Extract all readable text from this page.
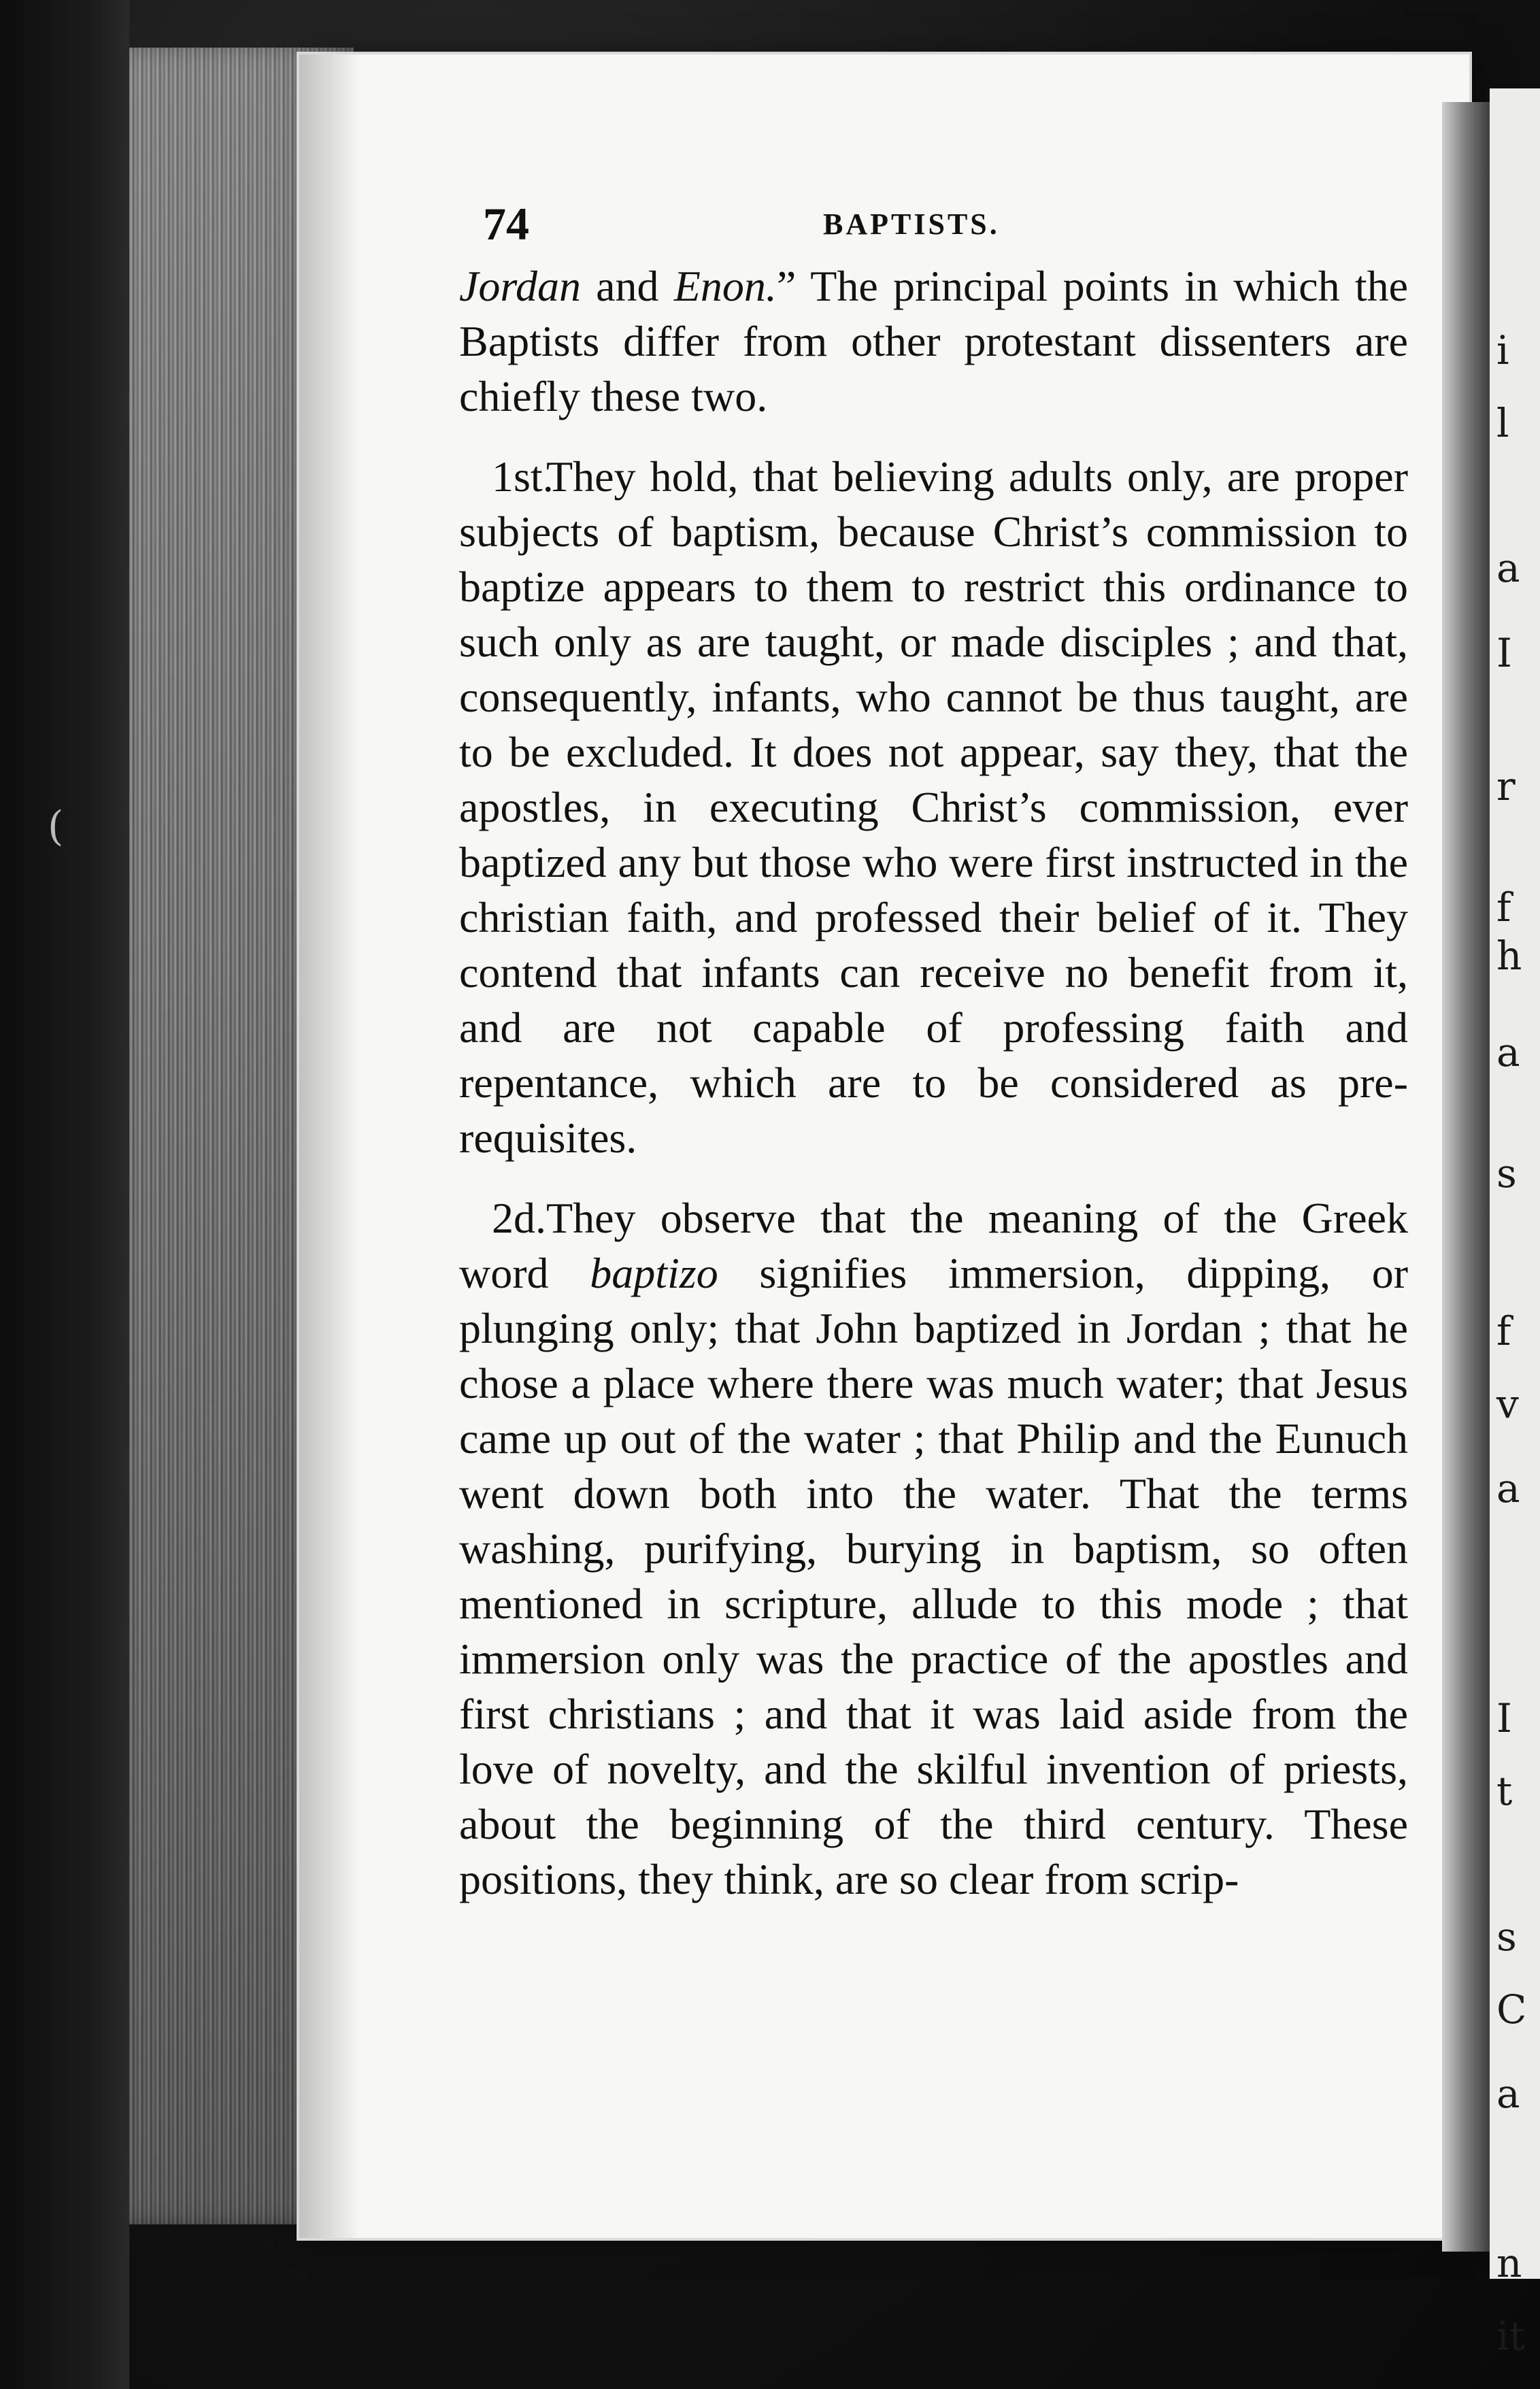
74	BAPTISTS.

Jordan and Enon.” The principal points in which the Baptists differ from other protestant dissenters are chiefly these two.

1st.They hold, that believing adults only, are proper subjects of baptism, because Christ’s commission to baptize appears to them to restrict this ordinance to such only as are taught, or made disciples ; and that, consequently, infants, who cannot be thus taught, are to be excluded. It does not appear, say they, that the apostles, in executing Christ’s commission, ever baptized any but those who were first instructed in the christian faith, and professed their belief of it. They contend that infants can receive no benefit from it, and are not capable of professing faith and repentance, which are to be considered as pre-requisites.

2d.They observe that the meaning of the Greek word baptizo signifies immersion, dipping, or plunging only; that John baptized in Jordan ; that he chose a place where there was much water; that Jesus came up out of the water ; that Philip and the Eunuch went down both into the water. That the terms washing, purifying, burying in baptism, so often mentioned in scripture, allude to this mode ; that immersion only was the practice of the apostles and first christians ; and that it was laid aside from the love of novelty, and the skilful invention of priests, about the beginning of the third century. These positions, they think, are so clear from scrip-

i
l
a
I
r
f
h
a
s
f
v
a
I
t
s
C
a
n
it
(
